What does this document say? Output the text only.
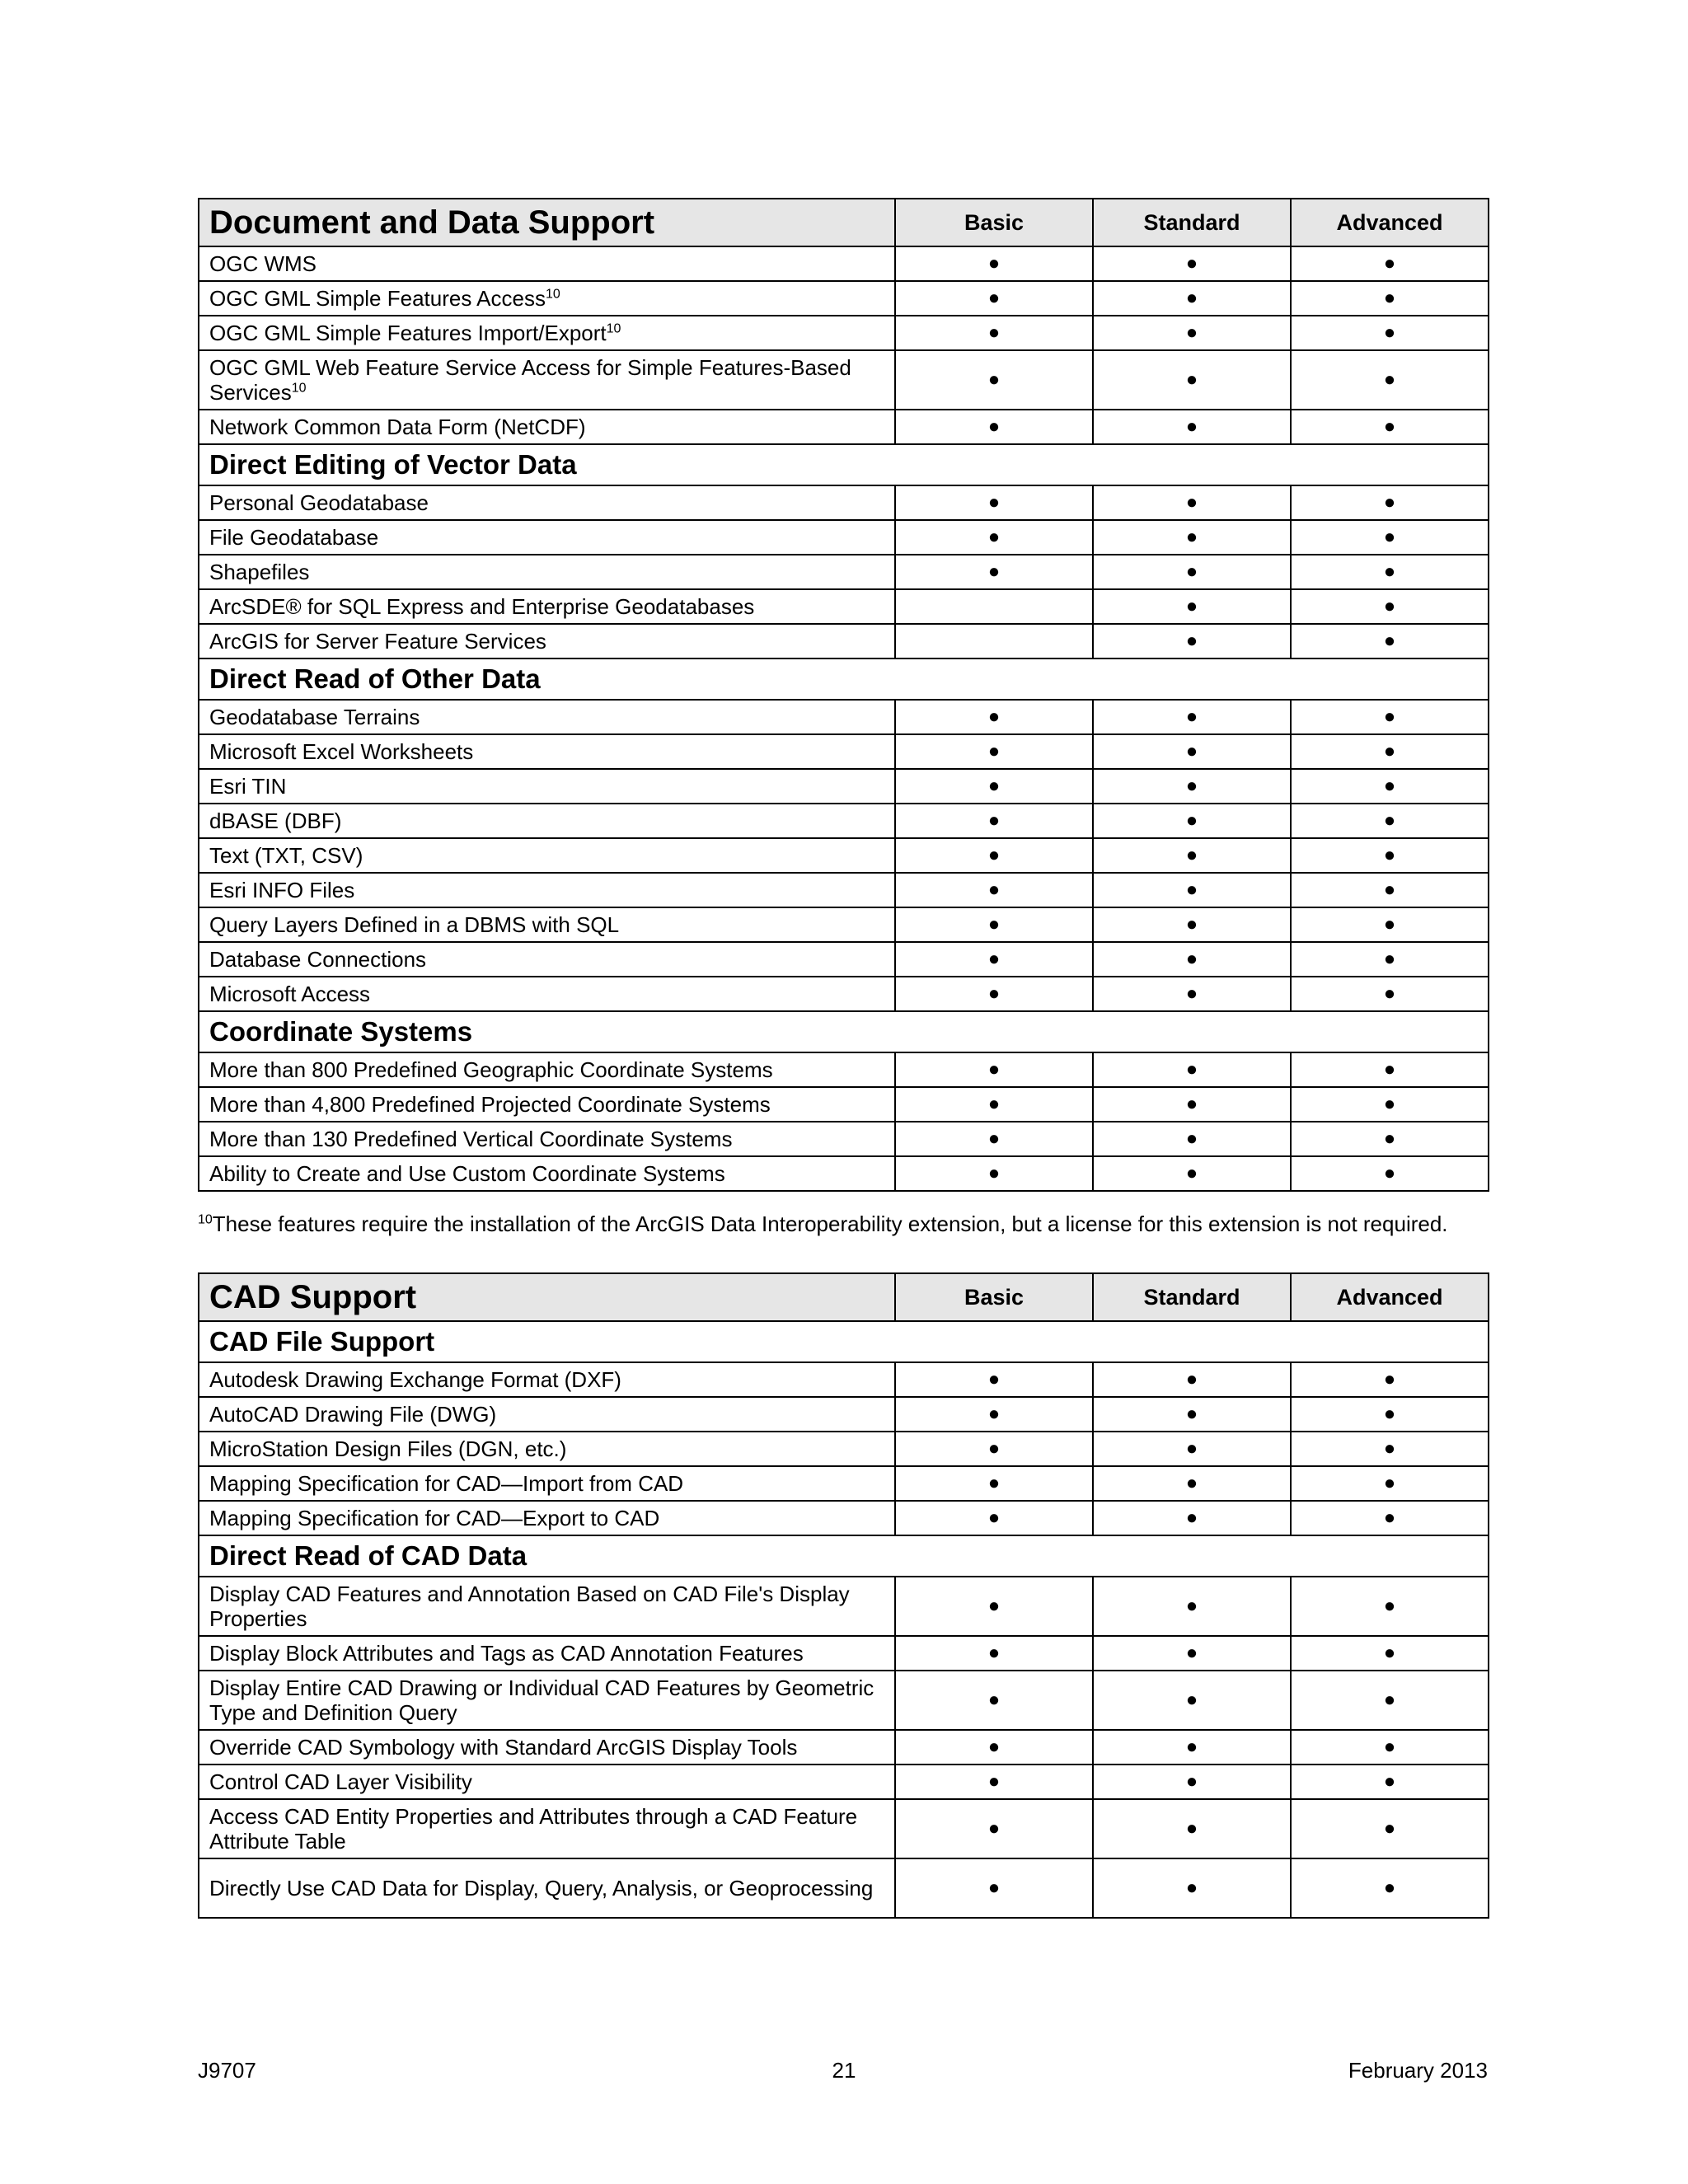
Document and Data Support	Basic	Standard	Advanced
OGC WMS	●	●	●
OGC GML Simple Features Access$^{10}$	●	●	●
OGC GML Simple Features Import/Export$^{10}$	●	●	●
OGC GML Web Feature Service Access for Simple Features-Based Services$^{10}$	●	●	●
Network Common Data Form (NetCDF)	●	●	●
Direct Editing of Vector Data			
Personal Geodatabase	●	●	●
File Geodatabase	●	●	●
Shapefiles	●	●	●
ArcSDE® for SQL Express and Enterprise Geodatabases		●	●
ArcGIS for Server Feature Services		●	●
Direct Read of Other Data			
Geodatabase Terrains	●	●	●
Microsoft Excel Worksheets	●	●	●
Esri TIN	●	●	●
dBASE (DBF)	●	●	●
Text (TXT, CSV)	●	●	●
Esri INFO Files	●	●	●
Query Layers Defined in a DBMS with SQL	●	●	●
Database Connections	●	●	●
Microsoft Access	●	●	●
Coordinate Systems			
More than 800 Predefined Geographic Coordinate Systems	●	●	●
More than 4,800 Predefined Projected Coordinate Systems	●	●	●
More than 130 Predefined Vertical Coordinate Systems	●	●	●
Ability to Create and Use Custom Coordinate Systems	●	●	●
$^{10}$These features require the installation of the ArcGIS Data Interoperability extension, but a license for this extension is not required.
CAD Support	Basic	Standard	Advanced
CAD File Support			
Autodesk Drawing Exchange Format (DXF)	●	●	●
AutoCAD Drawing File (DWG)	●	●	●
MicroStation Design Files (DGN, etc.)	●	●	●
Mapping Specification for CAD—Import from CAD	●	●	●
Mapping Specification for CAD—Export to CAD	●	●	●
Direct Read of CAD Data			
Display CAD Features and Annotation Based on CAD File's Display Properties	●	●	●
Display Block Attributes and Tags as CAD Annotation Features	●	●	●
Display Entire CAD Drawing or Individual CAD Features by Geometric Type and Definition Query	●	●	●
Override CAD Symbology with Standard ArcGIS Display Tools	●	●	●
Control CAD Layer Visibility	●	●	●
Access CAD Entity Properties and Attributes through a CAD Feature Attribute Table	●	●	●
Directly Use CAD Data for Display, Query, Analysis, or Geoprocessing	●	●	●
J9707	21	February 2013
